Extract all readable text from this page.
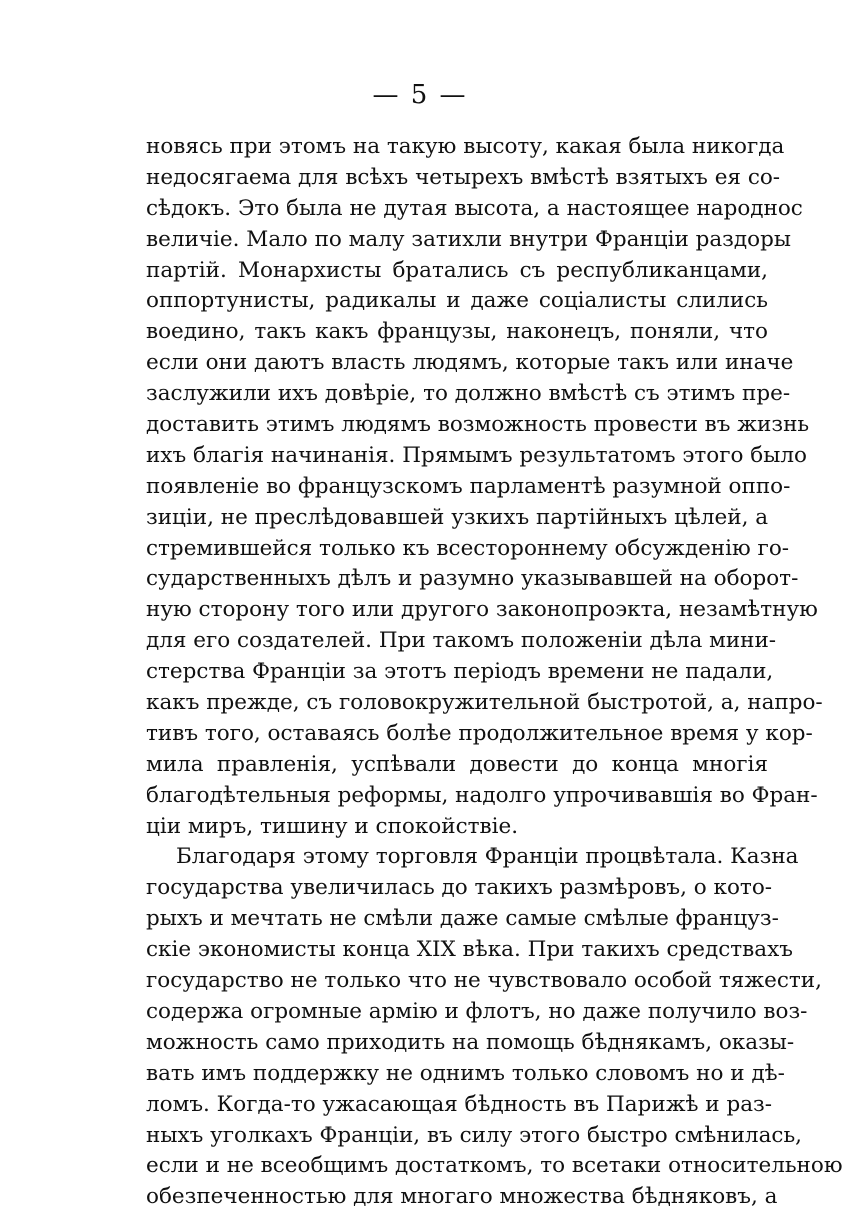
— 5 —
новясь при этомъ на такую высоту, какая была никогда
недосягаема для всѣхъ четырехъ вмѣстѣ взятыхъ ея со-
сѣдокъ. Это была не дутая высота, а настоящее народнос
величіе. Мало по малу затихли внутри Франціи раздоры
партій. Монархисты братались съ республиканцами,
оппортунисты, радикалы и даже соціалисты слились
воедино, такъ какъ французы, наконецъ, поняли, что
если они даютъ власть людямъ, которые такъ или иначе
заслужили ихъ довѣріе, то должно вмѣстѣ съ этимъ пре-
доставить этимъ людямъ возможность провести въ жизнь
ихъ благія начинанія. Прямымъ результатомъ этого было
появленіе во французскомъ парламентѣ разумной оппо-
зиціи, не преслѣдовавшей узкихъ партійныхъ цѣлей, а
стремившейся только къ всестороннему обсужденію го-
сударственныхъ дѣлъ и разумно указывавшей на оборот-
ную сторону того или другого законопроэкта, незамѣтную
для его создателей. При такомъ положеніи дѣла мини-
стерства Франціи за этотъ періодъ времени не падали,
какъ прежде, съ головокружительной быстротой, а, напро-
тивъ того, оставаясь болѣе продолжительное время у кор-
мила правленія, успѣвали довести до конца многія
благодѣтельныя реформы, надолго упрочивавшія во Фран-
ціи миръ, тишину и спокойствіе.
Благодаря этому торговля Франціи процвѣтала. Казна
государства увеличилась до такихъ размѣровъ, о кото-
рыхъ и мечтать не смѣли даже самые смѣлые француз-
скіе экономисты конца XIX вѣка. При такихъ средствахъ
государство не только что не чувствовало особой тяжести,
содержа огромные армію и флотъ, но даже получило воз-
можность само приходить на помощь бѣднякамъ, оказы-
вать имъ поддержку не однимъ только словомъ но и дѣ-
ломъ. Когда-то ужасающая бѣдность въ Парижѣ и раз-
ныхъ уголкахъ Франціи, въ силу этого быстро смѣнилась,
если и не всеобщимъ достаткомъ, то всетаки относительною
обезпеченностью для многаго множества бѣдняковъ, а
